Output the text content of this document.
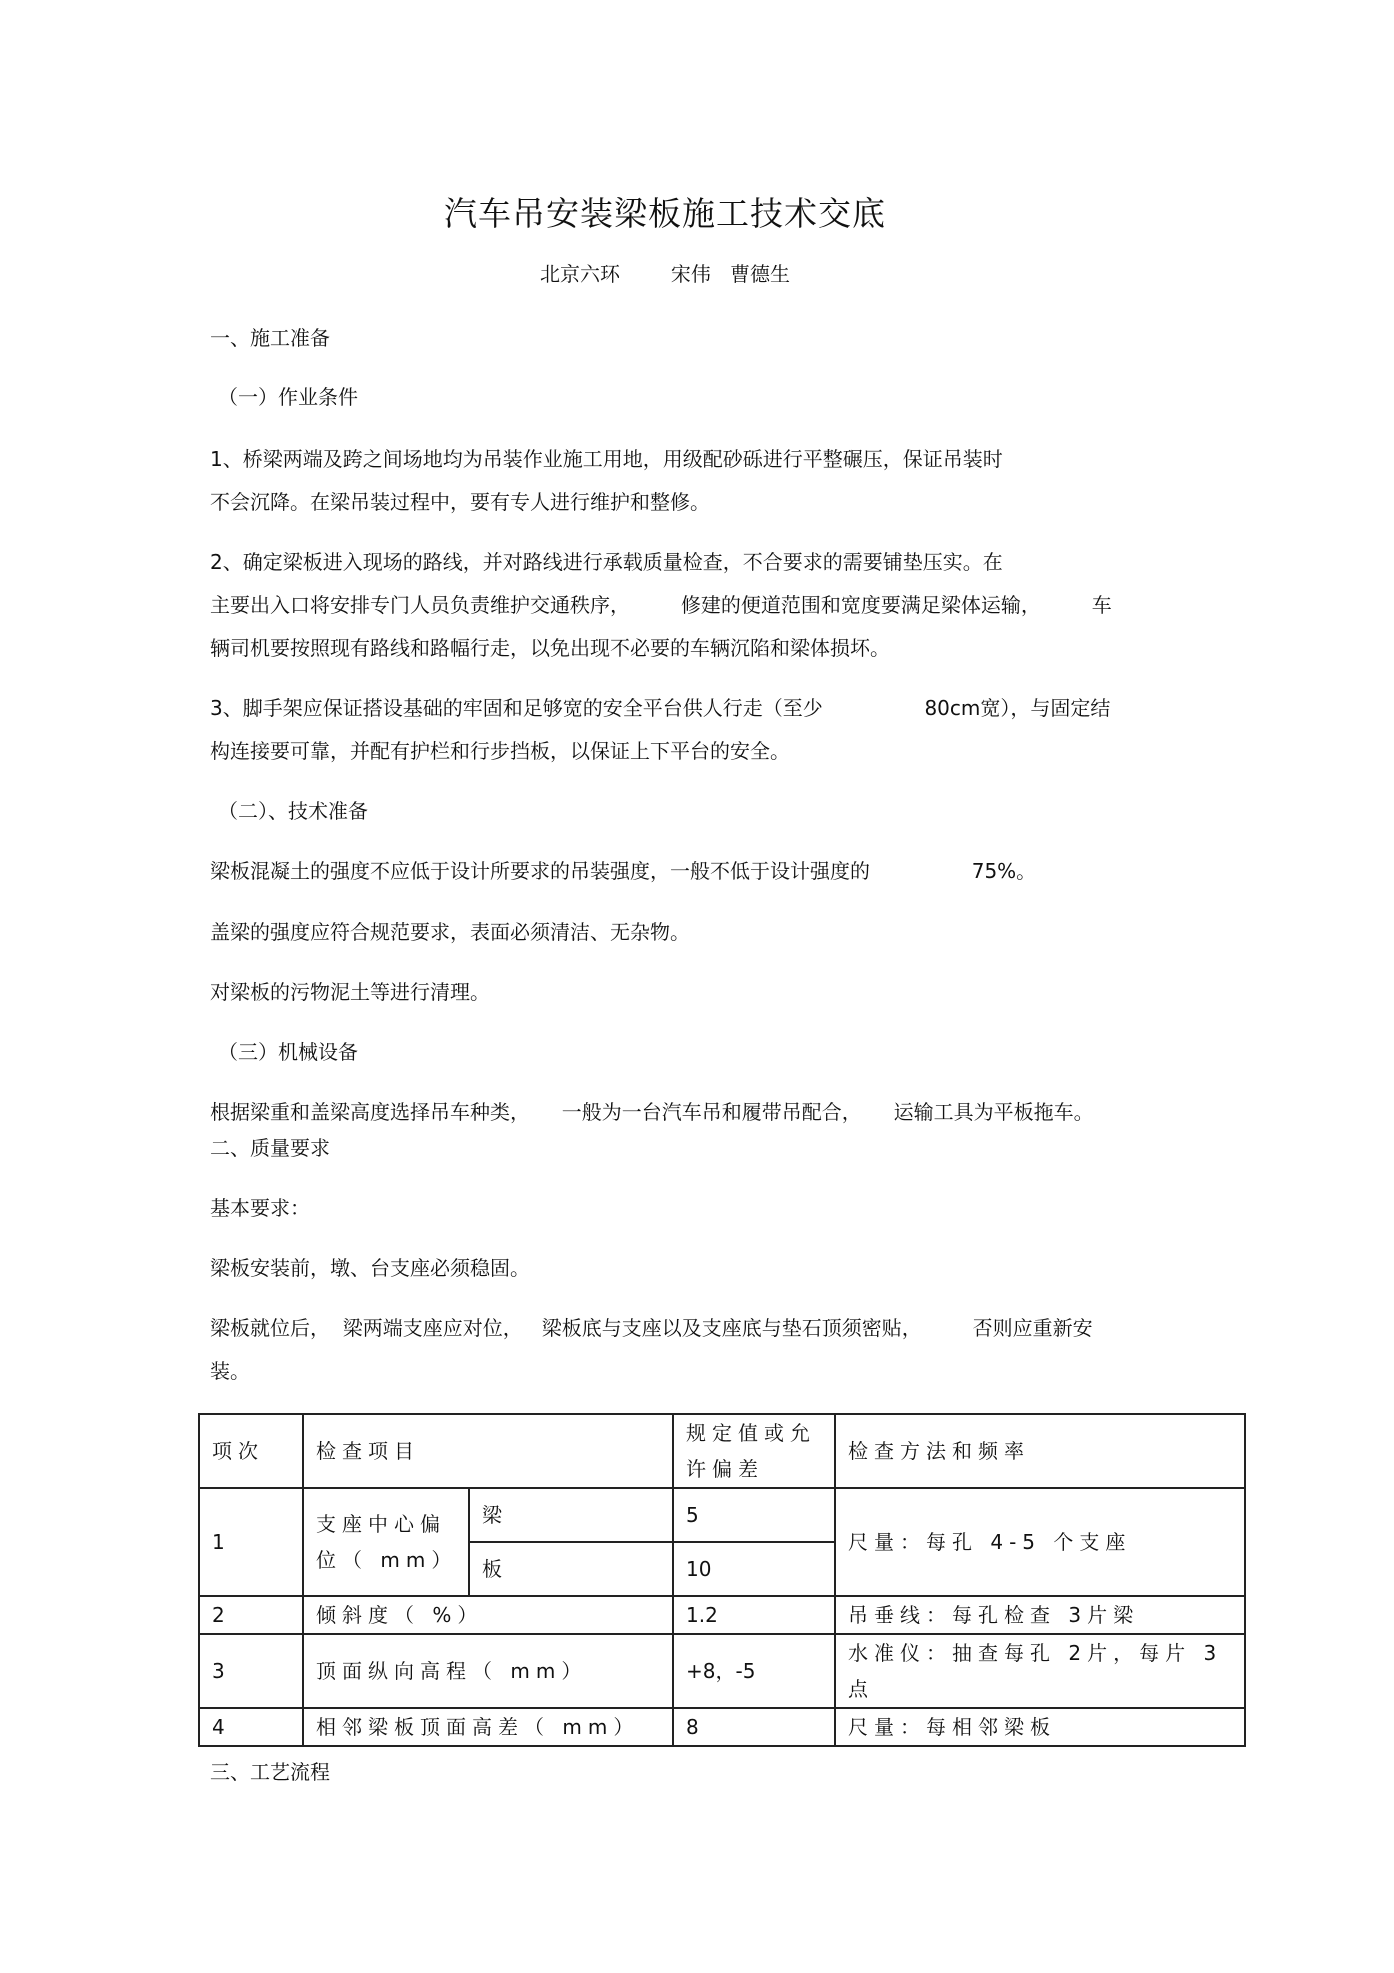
汽车吊安装梁板施工技术交底
北京六环        宋伟   曹德生
一、施工准备
（一）作业条件
1、桥梁两端及跨之间场地均为吊装作业施工用地，用级配砂砾进行平整碾压，保证吊装时
不会沉降。在梁吊装过程中，要有专人进行维护和整修。
2、确定梁板进入现场的路线，并对路线进行承载质量检查，不合要求的需要铺垫压实。在
主要出入口将安排专门人员负责维护交通秩序，        修建的便道范围和宽度要满足梁体运输，        车
辆司机要按照现有路线和路幅行走，以免出现不必要的车辆沉陷和梁体损坏。
3、脚手架应保证搭设基础的牢固和足够宽的安全平台供人行走（至少                80cm宽），与固定结
构连接要可靠，并配有护栏和行步挡板，以保证上下平台的安全。
（二）、技术准备
梁板混凝土的强度不应低于设计所要求的吊装强度，一般不低于设计强度的                75%。
盖梁的强度应符合规范要求，表面必须清洁、无杂物。
对梁板的污物泥土等进行清理。
（三）机械设备
根据梁重和盖梁高度选择吊车种类，     一般为一台汽车吊和履带吊配合，     运输工具为平板拖车。
二、质量要求
基本要求：
梁板安装前，墩、台支座必须稳固。
梁板就位后，  梁两端支座应对位，   梁板底与支座以及支座底与垫石顶须密贴，        否则应重新安
装。
项次	检查项目		规定值或允许偏差	检查方法和频率
1	支座中心偏位（ mm）	梁	5	尺量：每孔 4-5 个支座
		板	10	
2	倾斜度（ %）		1.2	吊垂线：每孔检查 3片梁
3	顶面纵向高程（ mm）		+8，-5	水准仪：抽查每孔 2片，每片 3点
4	相邻梁板顶面高差（ mm）		8	尺量：每相邻梁板
三、工艺流程
